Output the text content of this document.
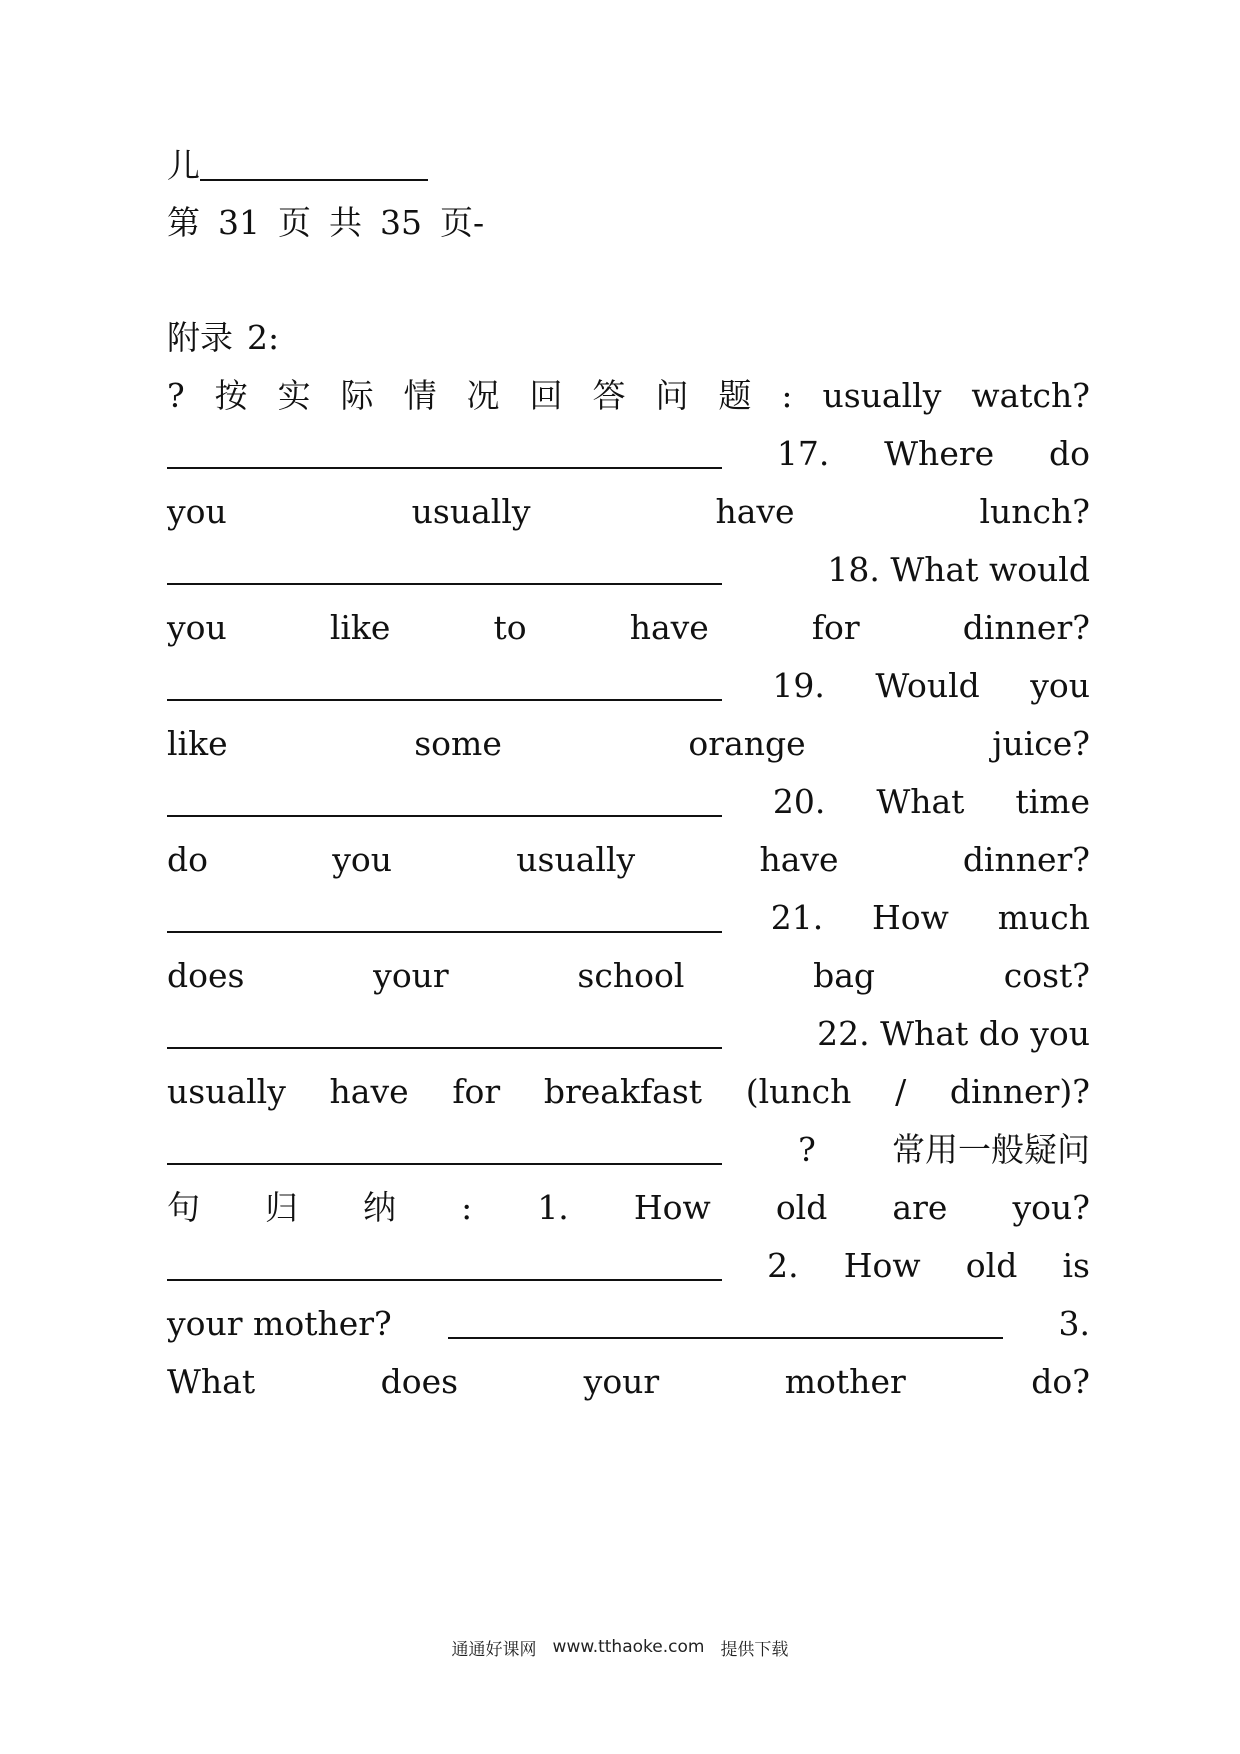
儿
第 31 页 共 35 页-
附录 2:
? 按 实 际 情 况 回 答 问 题 : usually watch?
17. Where do
you	usually	have	lunch?
18. What would
you	like	to	have	for	dinner?
19. Would you
like	some	orange	juice?
20. What time
do	you	usually	have	dinner?
21. How much
does	your	school	bag	cost?
22. What do you
usually have for breakfast (lunch / dinner)?
? 常用一般疑问
句 归 纳 : 1. How old are you?
2. How old is
your mother?	3.
What	does	your	mother	do?
通通好课网 www.tthaoke.com 提供下载
